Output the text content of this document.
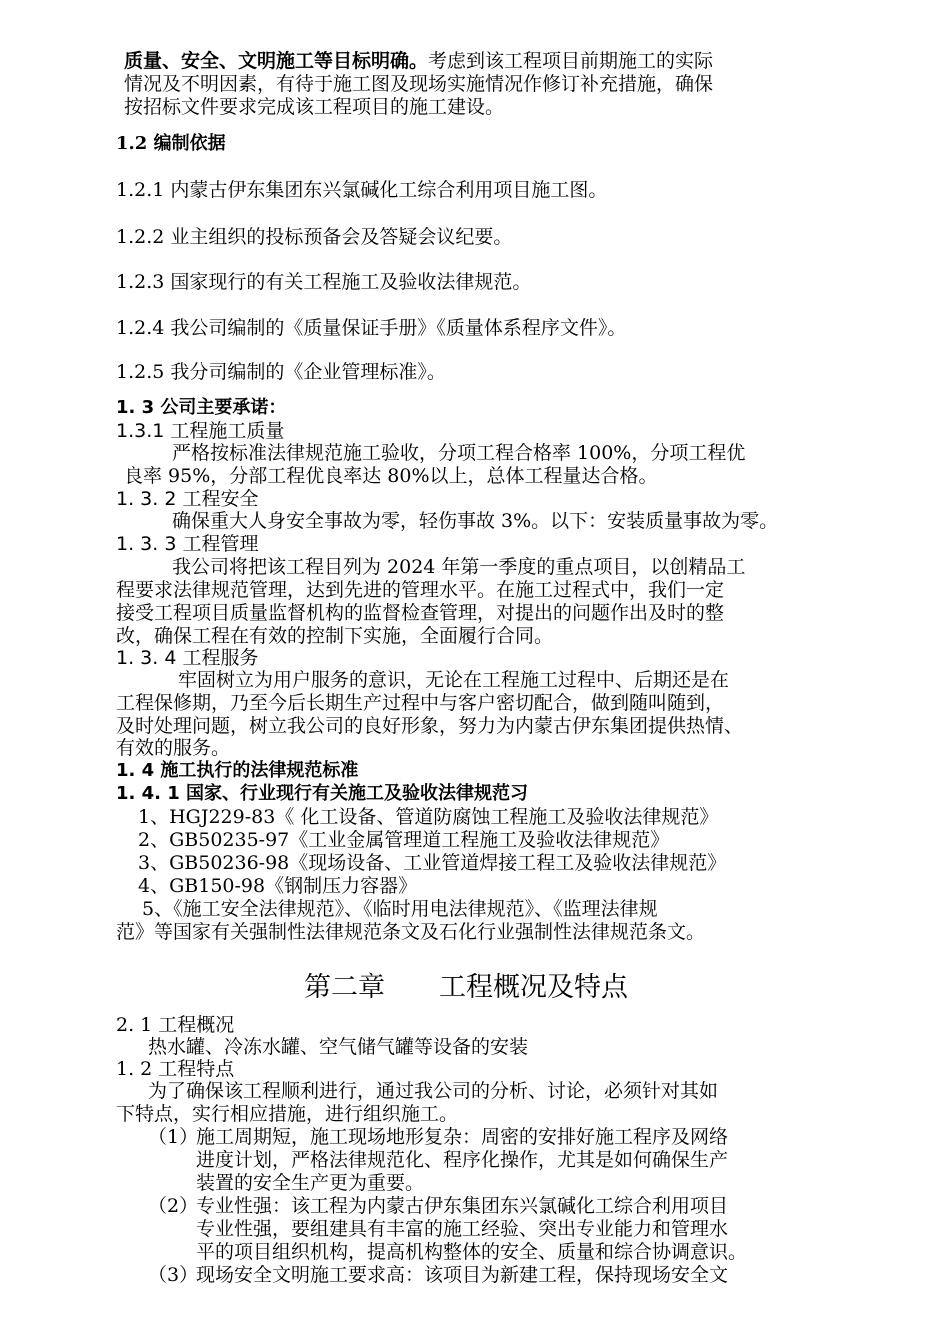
质量、安全、文明施工等目标明确。考虑到该工程项目前期施工的实际
情况及不明因素，有待于施工图及现场实施情况作修订补充措施，确保
按招标文件要求完成该工程项目的施工建设。
1.2 编制依据
1.2.1 内蒙古伊东集团东兴氯碱化工综合利用项目施工图。
1.2.2 业主组织的投标预备会及答疑会议纪要。
1.2.3 国家现行的有关工程施工及验收法律规范。
1.2.4 我公司编制的《质量保证手册》《质量体系程序文件》。
1.2.5 我分司编制的《企业管理标准》。
1. 3 公司主要承诺：
1.3.1 工程施工质量
严格按标准法律规范施工验收，分项工程合格率 100%，分项工程优
良率 95%，分部工程优良率达 80%以上，总体工程量达合格。
1. 3. 2 工程安全
确保重大人身安全事故为零，轻伤事故 3%。以下：安装质量事故为零。
1. 3. 3 工程管理
我公司将把该工程目列为 2024 年第一季度的重点项目，以创精品工
程要求法律规范管理，达到先进的管理水平。在施工过程式中，我们一定
接受工程项目质量监督机构的监督检查管理，对提出的问题作出及时的整
改，确保工程在有效的控制下实施，全面履行合同。
1. 3. 4 工程服务
牢固树立为用户服务的意识，无论在工程施工过程中、后期还是在
工程保修期，乃至今后长期生产过程中与客户密切配合，做到随叫随到，
及时处理问题，树立我公司的良好形象，努力为内蒙古伊东集团提供热情、
有效的服务。
1. 4 施工执行的法律规范标准
1. 4. 1 国家、行业现行有关施工及验收法律规范习
1、HGJ229-83《 化工设备、管道防腐蚀工程施工及验收法律规范》
2、GB50235-97《工业金属管理道工程施工及验收法律规范》
3、GB50236-98《现场设备、工业管道焊接工程工及验收法律规范》
4、GB150-98《钢制压力容器》
5、《施工安全法律规范》、《临时用电法律规范》、《监理法律规
范》等国家有关强制性法律规范条文及石化行业强制性法律规范条文。
第二章　　工程概况及特点
2. 1 工程概况
热水罐、冷冻水罐、空气储气罐等设备的安装
1. 2 工程特点
为了确保该工程顺利进行，通过我公司的分析、讨论，必须针对其如
下特点，实行相应措施，进行组织施工。
（1）
施工周期短，施工现场地形复杂：周密的安排好施工程序及网络
进度计划，严格法律规范化、程序化操作，尤其是如何确保生产
装置的安全生产更为重要。
（2）
专业性强：该工程为内蒙古伊东集团东兴氯碱化工综合利用项目
专业性强，要组建具有丰富的施工经验、突出专业能力和管理水
平的项目组织机构，提高机构整体的安全、质量和综合协调意识。
（3）
现场安全文明施工要求高：该项目为新建工程，保持现场安全文
